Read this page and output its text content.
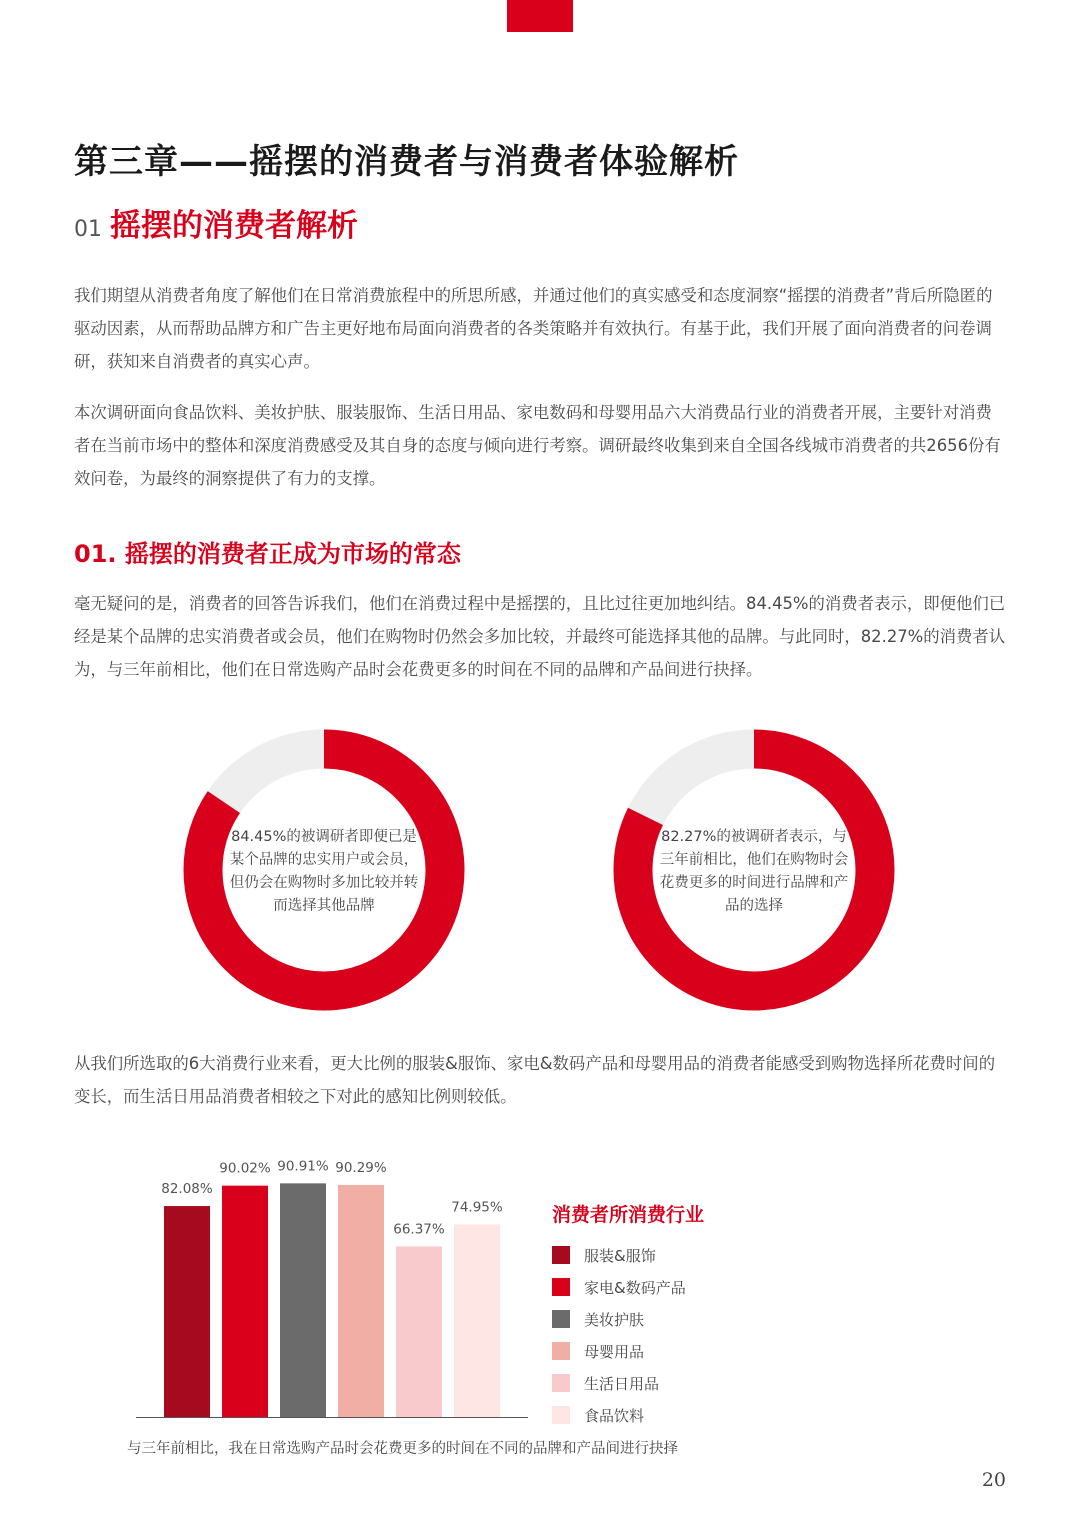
第三章——摇摆的消费者与消费者体验解析
01 摇摆的消费者解析

我们期望从消费者角度了解他们在日常消费旅程中的所思所感，并通过他们的真实感受和态度洞察“摇摆的消费者”背后所隐匿的驱动因素，从而帮助品牌方和广告主更好地布局面向消费者的各类策略并有效执行。有基于此，我们开展了面向消费者的问卷调研，获知来自消费者的真实心声。

本次调研面向食品饮料、美妆护肤、服装服饰、生活日用品、家电数码和母婴用品六大消费品行业的消费者开展，主要针对消费者在当前市场中的整体和深度消费感受及其自身的态度与倾向进行考察。调研最终收集到来自全国各线城市消费者的共2656份有效问卷，为最终的洞察提供了有力的支撑。

01. 摇摆的消费者正成为市场的常态

毫无疑问的是，消费者的回答告诉我们，他们在消费过程中是摇摆的，且比过往更加地纠结。84.45%的消费者表示，即便他们已经是某个品牌的忠实消费者或会员，他们在购物时仍然会多加比较，并最终可能选择其他的品牌。与此同时，82.27%的消费者认为，与三年前相比，他们在日常选购产品时会花费更多的时间在不同的品牌和产品间进行抉择。

84.45%的被调研者即便已是某个品牌的忠实用户或会员，但仍会在购物时多加比较并转而选择其他品牌
82.27%的被调研者表示，与三年前相比，他们在购物时会花费更多的时间进行品牌和产品的选择

从我们所选取的6大消费行业来看，更大比例的服装&服饰、家电&数码产品和母婴用品的消费者能感受到购物选择所花费时间的变长，而生活日用品消费者相较之下对此的感知比例则较低。

82.08%
90.02% 90.91% 90.29%
66.37%
74.95%	消费者所消费行业
服装&服饰
家电&数码产品
美妆护肤
母婴用品
生活日用品
食品饮料

与三年前相比，我在日常选购产品时会花费更多的时间在不同的品牌和产品间进行抉择

20
